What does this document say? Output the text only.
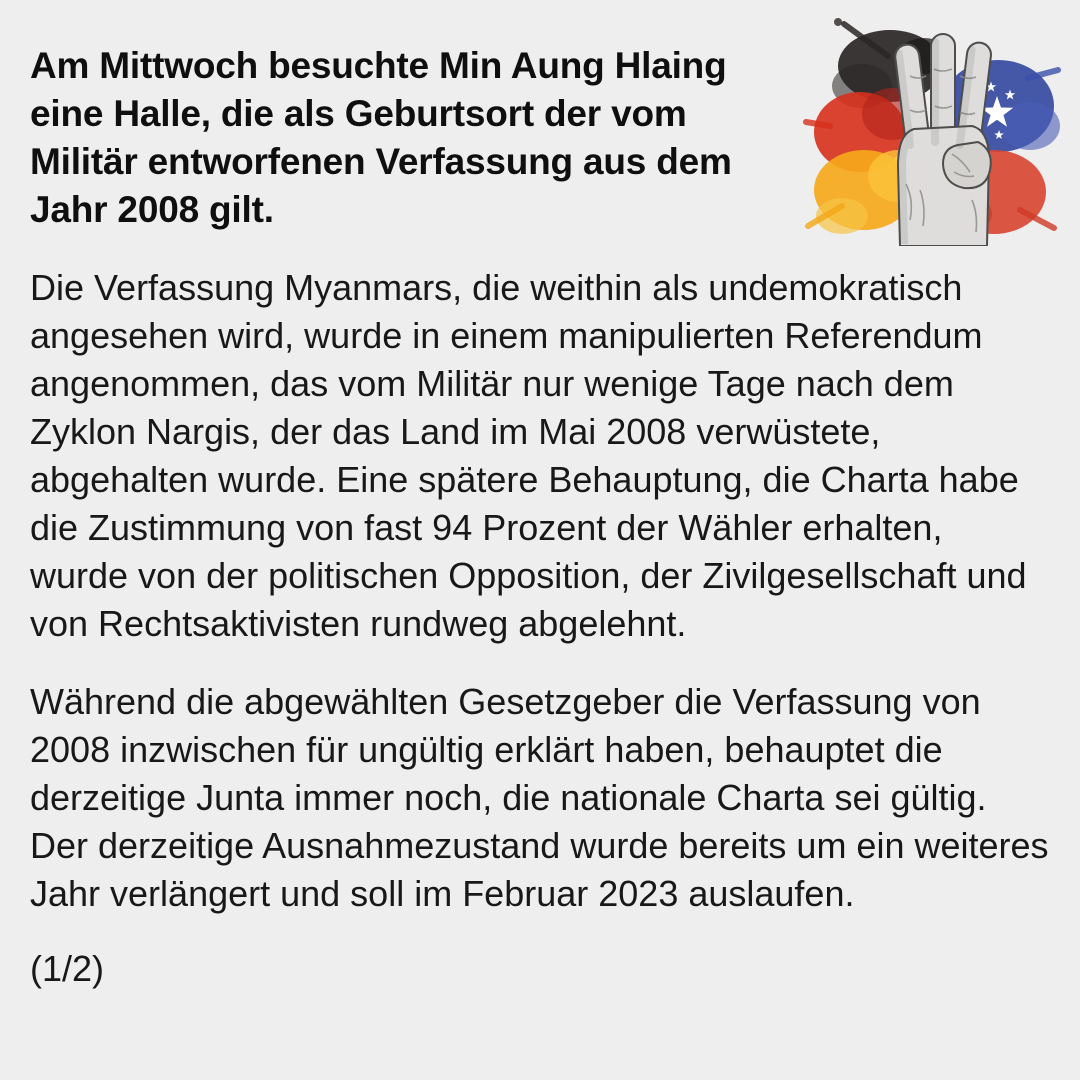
Am Mittwoch besuchte Min Aung Hlaing eine Halle, die als Geburtsort der vom Militär entworfenen Verfassung aus dem Jahr 2008 gilt.

Die Verfassung Myanmars, die weithin als undemokratisch angesehen wird, wurde in einem manipulierten Referendum angenommen, das vom Militär nur wenige Tage nach dem Zyklon Nargis, der das Land im Mai 2008 verwüstete, abgehalten wurde. Eine spätere Behauptung, die Charta habe die Zustimmung von fast 94 Prozent der Wähler erhalten, wurde von der politischen Opposition, der Zivilgesellschaft und von Rechtsaktivisten rundweg abgelehnt.

Während die abgewählten Gesetzgeber die Verfassung von 2008 inzwischen für ungültig erklärt haben, behauptet die derzeitige Junta immer noch, die nationale Charta sei gültig. Der derzeitige Ausnahmezustand wurde bereits um ein weiteres Jahr verlängert und soll im Februar 2023 auslaufen.

(1/2)
